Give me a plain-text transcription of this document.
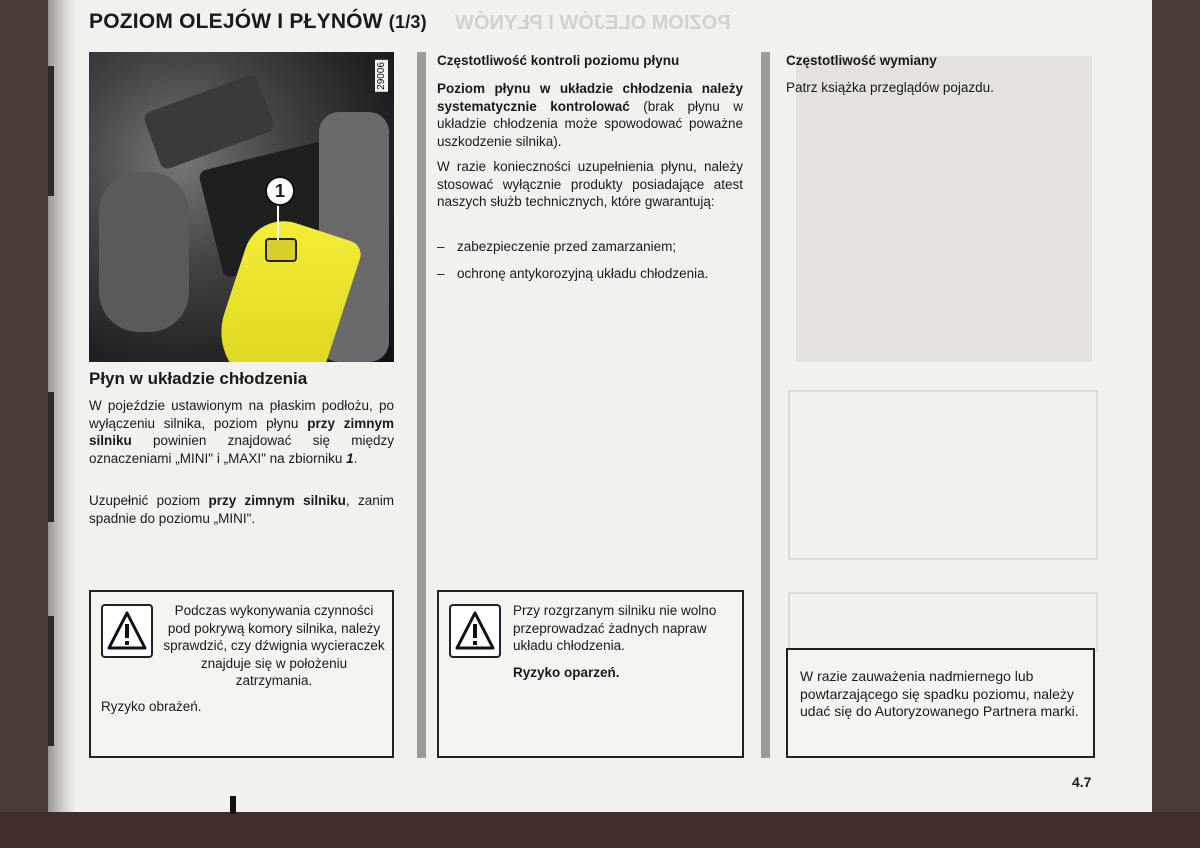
POZIOM OLEJÓW I PŁYNÓW
POZIOM OLEJÓW I PŁYNÓW (1/3)
1
29006
Płyn w układzie chłodzenia

W pojeździe ustawionym na płaskim podłożu, po wyłączeniu silnika, poziom płynu przy zimnym silniku powinien znajdować się między oznaczeniami „MINI" i „MAXI" na zbiorniku 1.

Uzupełnić poziom przy zimnym silniku, zanim spadnie do poziomu „MINI".

Podczas wykonywania czynności pod pokrywą komory silnika, należy sprawdzić, czy dźwignia wycieraczek znajduje się w położeniu zatrzymania.

Ryzyko obrażeń.

Częstotliwość kontroli poziomu płynu

Poziom płynu w układzie chłodzenia należy systematycznie kontrolować (brak płynu w układzie chłodzenia może spowodować poważne uszkodzenie silnika).

W razie konieczności uzupełnienia płynu, należy stosować wyłącznie produkty posiadające atest naszych służb technicznych, które gwarantują:

– zabezpieczenie przed zamarzaniem;

– ochronę antykorozyjną układu chłodzenia.

Przy rozgrzanym silniku nie wolno przeprowadzać żadnych napraw układu chłodzenia.

Ryzyko oparzeń.

Częstotliwość wymiany

Patrz książka przeglądów pojazdu.

W razie zauważenia nadmiernego lub powtarzającego się spadku poziomu, należy udać się do Autoryzowanego Partnera marki.

4.7
